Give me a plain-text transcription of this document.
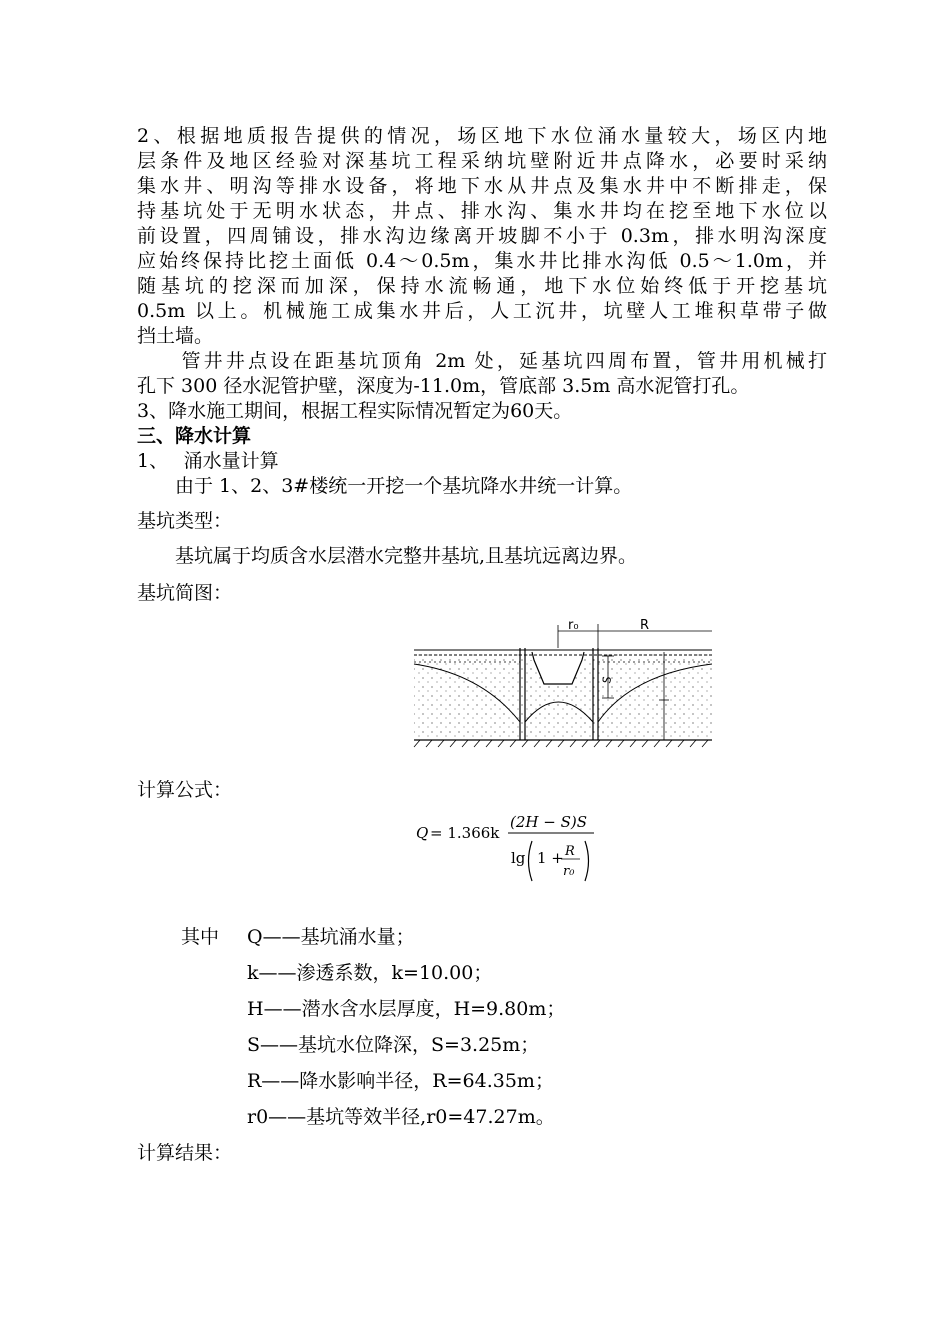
2、根据地质报告提供的情况，场区地下水位涌水量较大，场区内地
层条件及地区经验对深基坑工程采纳坑壁附近井点降水，必要时采纳
集水井、明沟等排水设备，将地下水从井点及集水井中不断排走，保
持基坑处于无明水状态，井点、排水沟、集水井均在挖至地下水位以
前设置，四周铺设，排水沟边缘离开坡脚不小于 0.3m，排水明沟深度
应始终保持比挖土面低 0.4～0.5m，集水井比排水沟低 0.5～1.0m，并
随基坑的挖深而加深，保持水流畅通，地下水位始终低于开挖基坑
0.5m 以上。机械施工成集水井后，人工沉井，坑壁人工堆积草带子做
挡土墙。
　　管井井点设在距基坑顶角 2m 处，延基坑四周布置，管井用机械打
孔下 300 径水泥管护壁，深度为-11.0m，管底部 3.5m 高水泥管打孔。
3、降水施工期间，根据工程实际情况暂定为60天。
三、降水计算
1、　 涌水量计算
　　由于 1、2、3#楼统一开挖一个基坑降水井统一计算。
基坑类型：
　　基坑属于均质含水层潜水完整井基坑,且基坑远离边界。
基坑简图：
r₀	R
S
计算公式：
Q = 1.366k
(2H − S)S
lg 1 + R
r₀
其中 Q——基坑涌水量；
k——渗透系数，k=10.00；
H——潜水含水层厚度，H=9.80m；
S——基坑水位降深，S=3.25m；
R——降水影响半径，R=64.35m；
r0——基坑等效半径,r0=47.27m。
计算结果：
